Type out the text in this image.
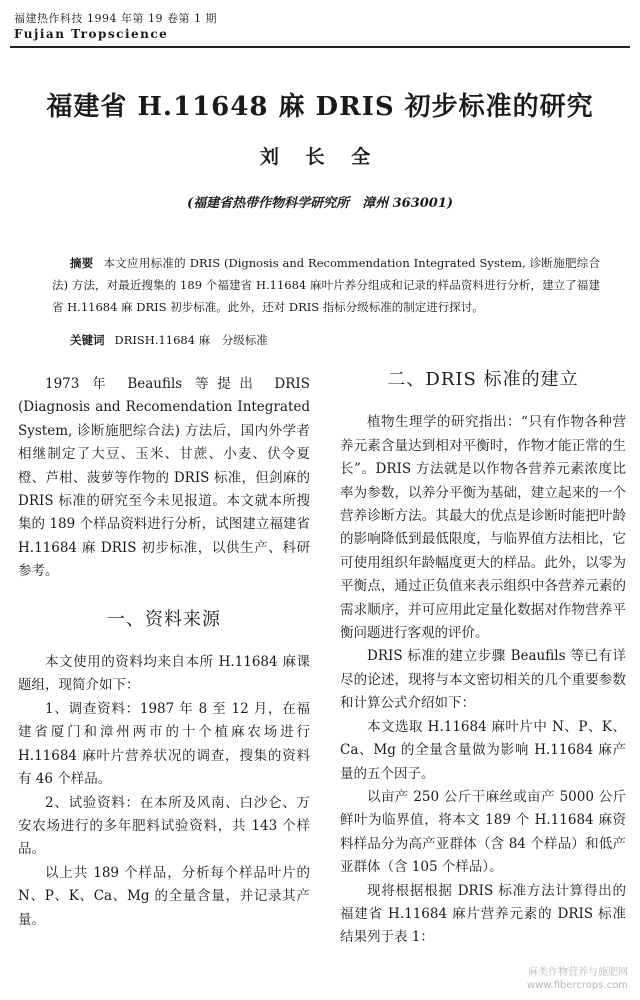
福建热作科技 1994 年第 19 卷第 1 期
Fujian Tropscience
福建省 H.11648 麻 DRIS 初步标准的研究
刘 长 全
(福建省热带作物科学研究所　漳州 363001)
摘要 本文应用标准的 DRIS (Dignosis and Recommendation Integrated System, 诊断施肥综合法) 方法，对最近搜集的 189 个福建省 H.11684 麻叶片养分组成和记录的样品资料进行分析，建立了福建省 H.11684 麻 DRIS 初步标准。此外，还对 DRIS 指标分级标准的制定进行探讨。
关键词 DRISH.11684 麻　分级标准

1973 年 Beaufils 等提出 DRIS (Diagnosis and Recomendation Integrated System, 诊断施肥综合法) 方法后，国内外学者相继制定了大豆、玉米、甘蔗、小麦、伏令夏橙、芦柑、菠萝等作物的 DRIS 标准，但剑麻的 DRIS 标准的研究至今未见报道。本文就本所搜集的 189 个样品资料进行分析，试图建立福建省 H.11684 麻 DRIS 初步标准，以供生产、科研参考。

一、资料来源

本文使用的资料均来自本所 H.11684 麻课题组，现简介如下：

1、调查资料：1987 年 8 至 12 月，在福建省厦门和漳州两市的十个植麻农场进行 H.11684 麻叶片营养状况的调查，搜集的资料有 46 个样品。

2、试验资料：在本所及风南、白沙仑、万安农场进行的多年肥料试验资料，共 143 个样品。

以上共 189 个样品，分析每个样品叶片的 N、P、K、Ca、Mg 的全量含量，并记录其产量。

二、DRIS 标准的建立

植物生理学的研究指出：“只有作物各种营养元素含量达到相对平衡时，作物才能正常的生长”。DRIS 方法就是以作物各营养元素浓度比率为参数，以养分平衡为基础，建立起来的一个营养诊断方法。其最大的优点是诊断时能把叶龄的影响降低到最低限度，与临界值方法相比，它可使用组织年龄幅度更大的样品。此外，以零为平衡点，通过正负值来表示组织中各营养元素的需求顺序，并可应用此定量化数据对作物营养平衡问题进行客观的评价。

DRIS 标准的建立步骤 Beaufils 等已有详尽的论述，现将与本文密切相关的几个重要参数和计算公式介绍如下：

本文选取 H.11684 麻叶片中 N、P、K、Ca、Mg 的全量含量做为影响 H.11684 麻产量的五个因子。

以亩产 250 公斤干麻丝或亩产 5000 公斤鲜叶为临界值，将本文 189 个 H.11684 麻资料样品分为高产亚群体（含 84 个样品）和低产亚群体（含 105 个样品）。

现将根据根据 DRIS 标准方法计算得出的福建省 H.11684 麻片营养元素的 DRIS 标准结果列于表 1：

麻类作物营养与施肥网
www.fibercrops.com
